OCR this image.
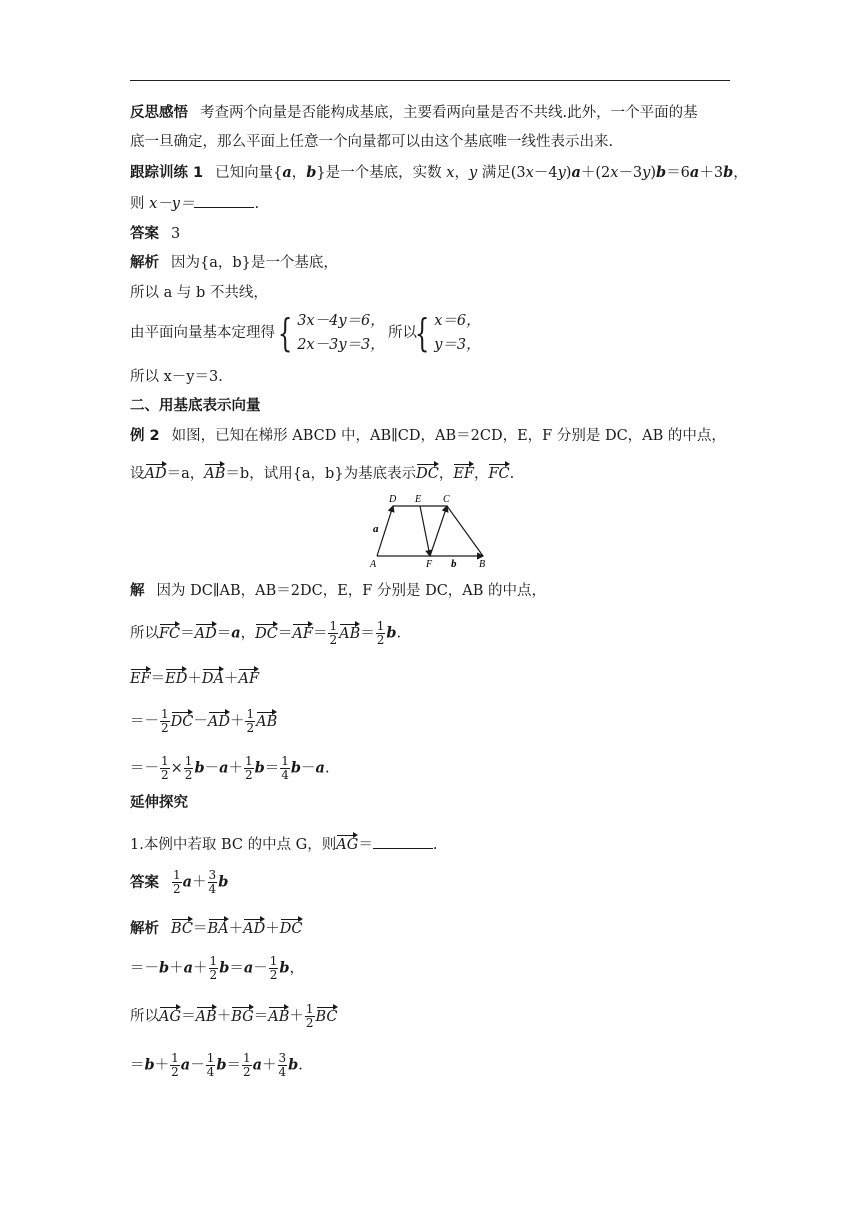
反思感悟 考查两个向量是否能构成基底，主要看两向量是否不共线.此外，一个平面的基
底一旦确定，那么平面上任意一个向量都可以由这个基底唯一线性表示出来.
跟踪训练 1 已知向量{a，b}是一个基底，实数 x，y 满足(3x－4y)a＋(2x－3y)b＝6a＋3b，
则 x－y＝	.
答案 3
解析 因为{a，b}是一个基底，
所以 a 与 b 不共线，
由平面向量基本定理得 { 3x－4y＝6，
2x－3y＝3，
所以
{ x＝6，
y＝3，
所以 x－y＝3.
二、用基底表示向量
例 2 如图，已知在梯形 ABCD 中，AB∥CD，AB＝2CD，E，F 分别是 DC，AB 的中点，
设AD＝a，AB＝b，试用{a，b}为基底表示DC，EF，FC.
D E C
A	F	B
a
b
解 因为 DC∥AB，AB＝2DC，E，F 分别是 DC，AB 的中点，
所以FC＝AD＝a，$DC=AF= \frac{1}{2} AB= \frac{1}{2} b$.
EF＝ED＋DA＋AF
＝－ $\frac{1}{2} DC-AD+ \frac{1}{2}$ AB
＝－ $\frac{1}{2} \times \frac{1}{2} b-a+ \frac{1}{2} b= \frac{1}{4} b-a$.
延伸探究
1.本例中若取 BC 的中点 G，则AG＝	.
答案 $\frac{1}{2} a+ \frac{3}{4}$ b
解析 BC＝BA＋AD＋DC
$=-b+a+ \frac{1}{2} b=a- \frac{1}{2}$ b，
所以$AG=AB+BG=AB+ \frac{1}{2}$ BC
$=b+ \frac{1}{2} a- \frac{1}{4} b= \frac{1}{2} a+ \frac{3}{4} b$.
